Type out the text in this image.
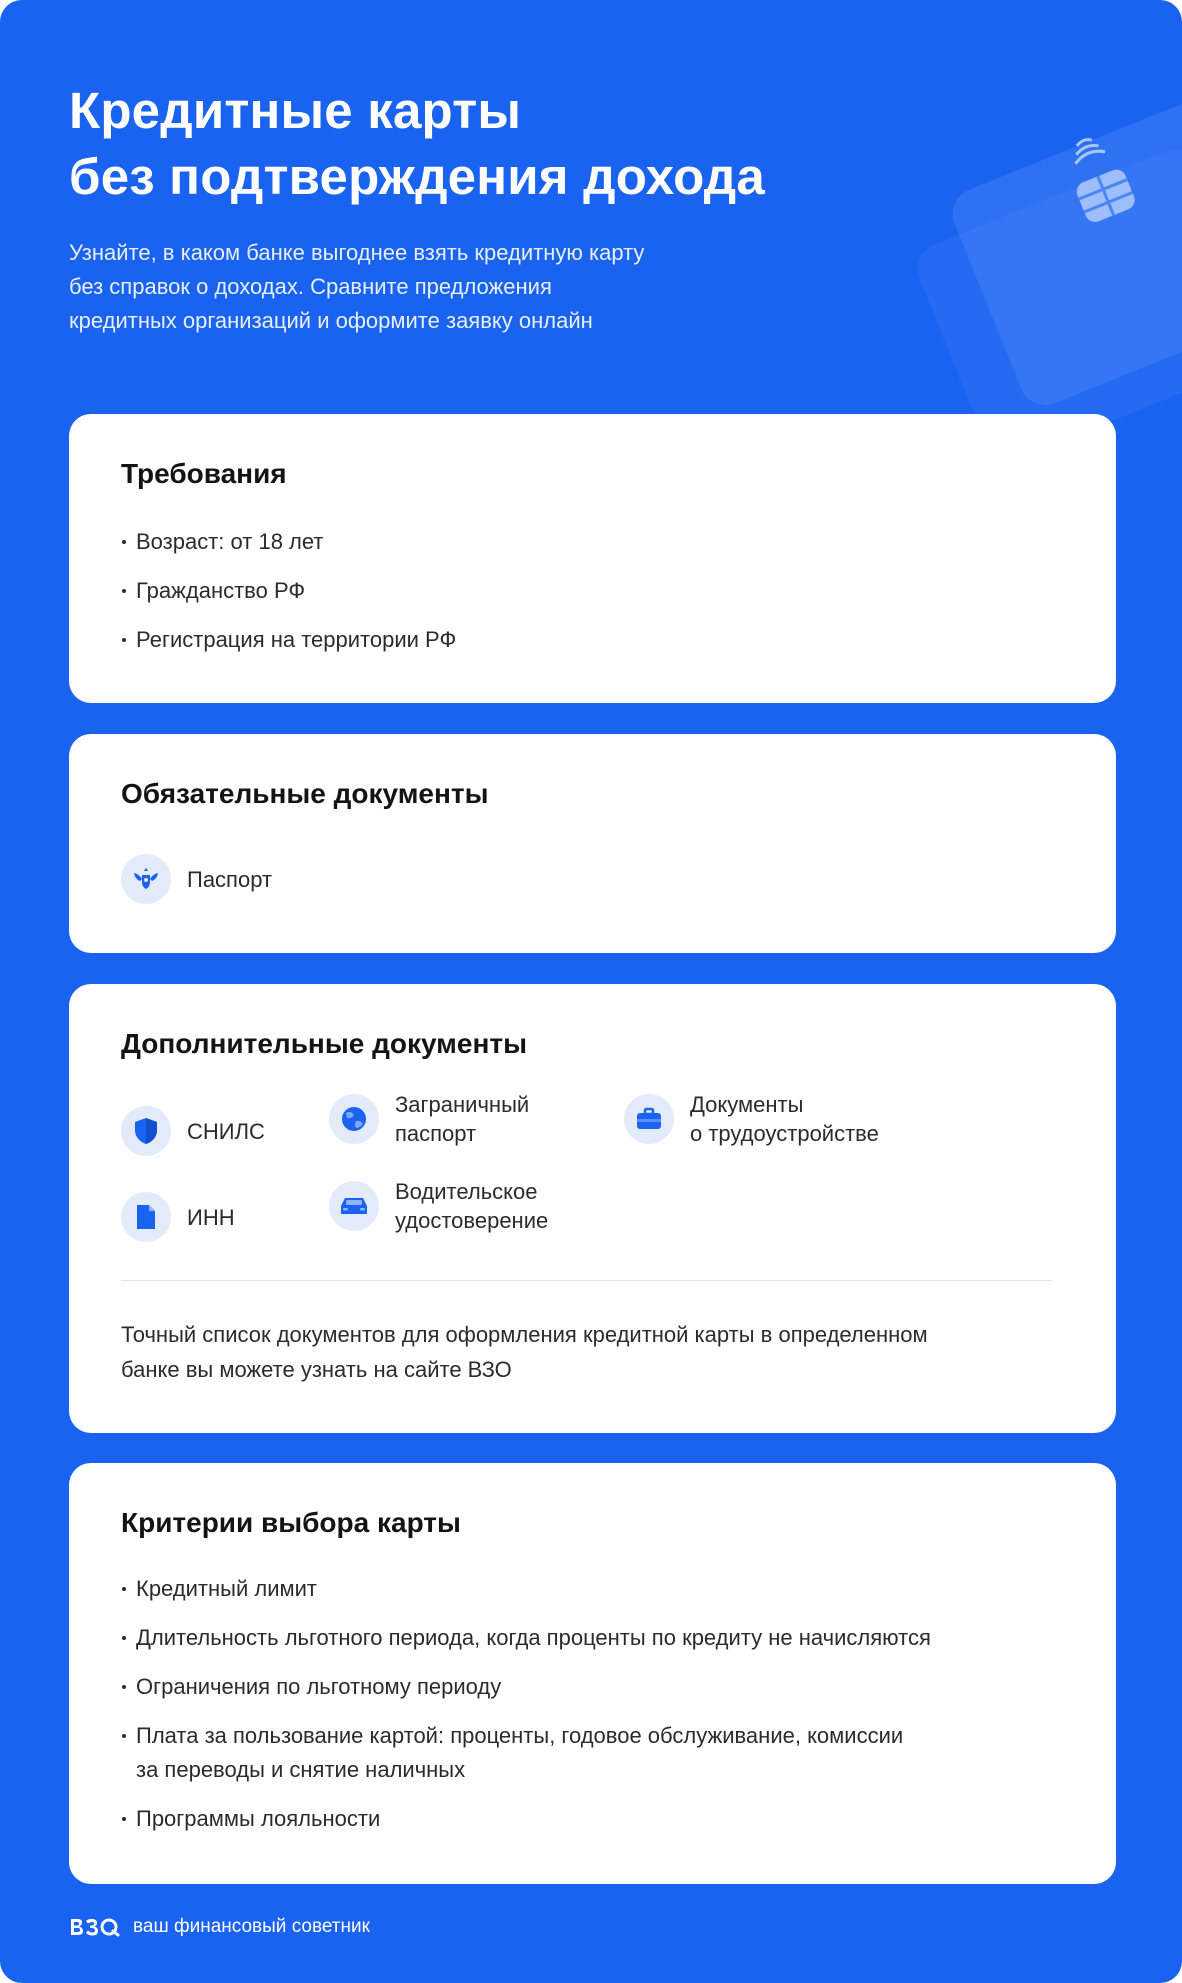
Кредитные карты
без подтверждения дохода

Узнайте, в каком банке выгоднее взять кредитную карту
без справок о доходах. Сравните предложения
кредитных организаций и оформите заявку онлайн

Требования
Возраст: от 18 лет
Гражданство РФ
Регистрация на территории РФ
Обязательные документы
Паспорт
Дополнительные документы
СНИЛС
Заграничный
паспорт
Документы
о трудоустройстве
ИНН
Водительское
удостоверение

Точный список документов для оформления кредитной карты в определенном
банке вы можете узнать на сайте ВЗО

Критерии выбора карты
Кредитный лимит
Длительность льготного периода, когда проценты по кредиту не начисляются
Ограничения по льготному периоду
Плата за пользование картой: проценты, годовое обслуживание, комиссии
за переводы и снятие наличных
Программы лояльности
ваш финансовый советник
